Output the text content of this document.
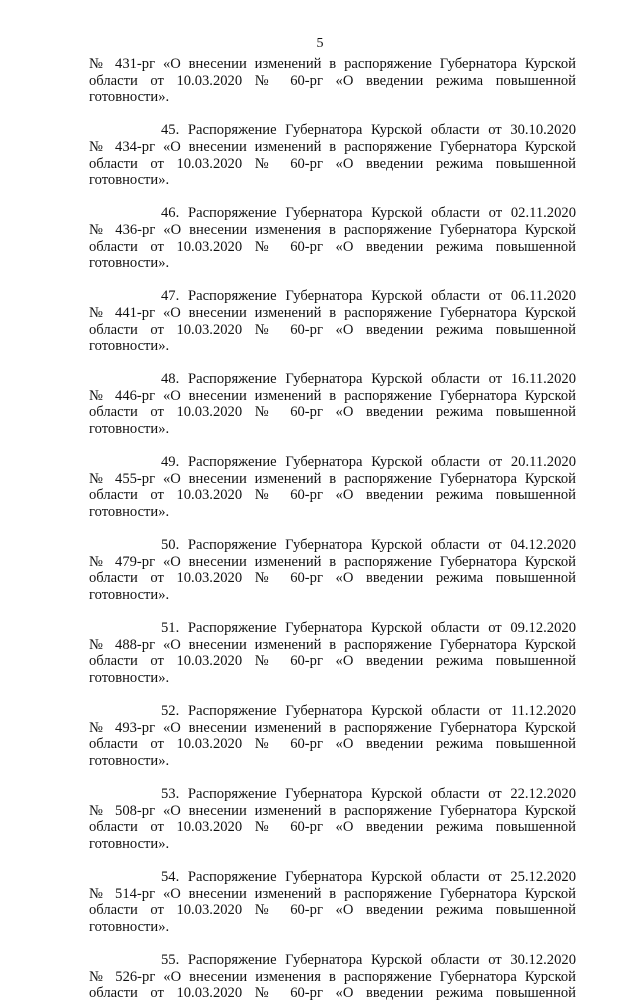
5
№ 431-рг «О внесении изменений в распоряжение Губернатора Курской
области от 10.03.2020 № 60-рг «О введении режима повышенной
готовности».
45. Распоряжение Губернатора Курской области от 30.10.2020
№ 434-рг «О внесении изменений в распоряжение Губернатора Курской
области от 10.03.2020 № 60-рг «О введении режима повышенной
готовности».
46. Распоряжение Губернатора Курской области от 02.11.2020
№ 436-рг «О внесении изменения в распоряжение Губернатора Курской
области от 10.03.2020 № 60-рг «О введении режима повышенной
готовности».
47. Распоряжение Губернатора Курской области от 06.11.2020
№ 441-рг «О внесении изменений в распоряжение Губернатора Курской
области от 10.03.2020 № 60-рг «О введении режима повышенной
готовности».
48. Распоряжение Губернатора Курской области от 16.11.2020
№ 446-рг «О внесении изменений в распоряжение Губернатора Курской
области от 10.03.2020 № 60-рг «О введении режима повышенной
готовности».
49. Распоряжение Губернатора Курской области от 20.11.2020
№ 455-рг «О внесении изменений в распоряжение Губернатора Курской
области от 10.03.2020 № 60-рг «О введении режима повышенной
готовности».
50. Распоряжение Губернатора Курской области от 04.12.2020
№ 479-рг «О внесении изменений в распоряжение Губернатора Курской
области от 10.03.2020 № 60-рг «О введении режима повышенной
готовности».
51. Распоряжение Губернатора Курской области от 09.12.2020
№ 488-рг «О внесении изменений в распоряжение Губернатора Курской
области от 10.03.2020 № 60-рг «О введении режима повышенной
готовности».
52. Распоряжение Губернатора Курской области от 11.12.2020
№ 493-рг «О внесении изменений в распоряжение Губернатора Курской
области от 10.03.2020 № 60-рг «О введении режима повышенной
готовности».
53. Распоряжение Губернатора Курской области от 22.12.2020
№ 508-рг «О внесении изменений в распоряжение Губернатора Курской
области от 10.03.2020 № 60-рг «О введении режима повышенной
готовности».
54. Распоряжение Губернатора Курской области от 25.12.2020
№ 514-рг «О внесении изменений в распоряжение Губернатора Курской
области от 10.03.2020 № 60-рг «О введении режима повышенной
готовности».
55. Распоряжение Губернатора Курской области от 30.12.2020
№ 526-рг «О внесении изменения в распоряжение Губернатора Курской
области от 10.03.2020 № 60-рг «О введении режима повышенной
